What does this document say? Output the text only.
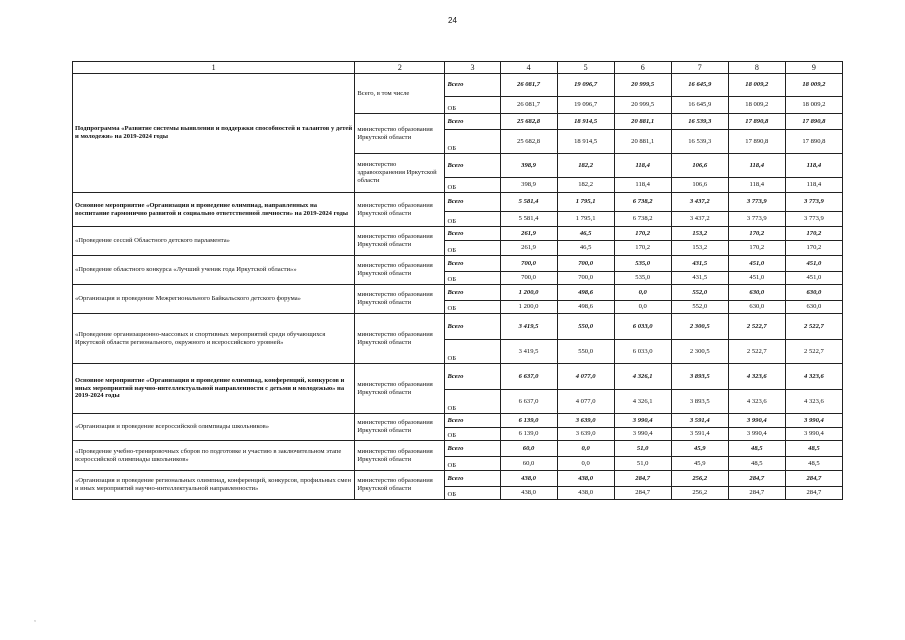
24
1	2	3	4	5	6	7	8	9
Подпрограмма «Развитие системы выявления и поддержки способностей и талантов у детей и молодежи» на 2019-2024 годы	Всего, в том числе	Всего	26 081,7	19 096,7	20 999,5	16 645,9	18 009,2	18 009,2
		ОБ	26 081,7	19 096,7	20 999,5	16 645,9	18 009,2	18 009,2
	министерство образования Иркутской области	Всего	25 682,8	18 914,5	20 881,1	16 539,3	17 890,8	17 890,8
		ОБ	25 682,8	18 914,5	20 881,1	16 539,3	17 890,8	17 890,8
	министерство здравоохранения Иркутской области	Всего	398,9	182,2	118,4	106,6	118,4	118,4
		ОБ	398,9	182,2	118,4	106,6	118,4	118,4
Основное мероприятие «Организация и проведение олимпиад, направленных на воспитание гармонично развитой и социально ответственной личности» на 2019-2024 годы	министерство образования Иркутской области	Всего	5 581,4	1 795,1	6 738,2	3 437,2	3 773,9	3 773,9
		ОБ	5 581,4	1 795,1	6 738,2	3 437,2	3 773,9	3 773,9
«Проведение сессий Областного детского парламента»	министерство образования Иркутской области	Всего	261,9	46,5	170,2	153,2	170,2	170,2
		ОБ	261,9	46,5	170,2	153,2	170,2	170,2
«Проведение областного конкурса «Лучший ученик года Иркутской области»»	министерство образования Иркутской области	Всего	700,0	700,0	535,0	431,5	451,0	451,0
		ОБ	700,0	700,0	535,0	431,5	451,0	451,0
«Организация и проведение Межрегионального Байкальского детского форума»	министерство образования Иркутской области	Всего	1 200,0	498,6	0,0	552,0	630,0	630,0
		ОБ	1 200,0	498,6	0,0	552,0	630,0	630,0
«Проведение организационно-массовых и спортивных мероприятий среди обучающихся Иркутской области регионального, окружного и всероссийского уровней»	министерство образования Иркутской области	Всего	3 419,5	550,0	6 033,0	2 300,5	2 522,7	2 522,7
		ОБ	3 419,5	550,0	6 033,0	2 300,5	2 522,7	2 522,7
Основное мероприятие «Организация и проведение олимпиад, конференций, конкурсов и иных мероприятий научно-интеллектуальной направленности с детьми и молодежью» на 2019-2024 годы	министерство образования Иркутской области	Всего	6 637,0	4 077,0	4 326,1	3 893,5	4 323,6	4 323,6
		ОБ	6 637,0	4 077,0	4 326,1	3 893,5	4 323,6	4 323,6
«Организация и проведение всероссийской олимпиады школьников»	министерство образования Иркутской области	Всего	6 139,0	3 639,0	3 990,4	3 591,4	3 990,4	3 990,4
		ОБ	6 139,0	3 639,0	3 990,4	3 591,4	3 990,4	3 990,4
«Проведение учебно-тренировочных сборов по подготовке и участию в заключительном этапе всероссийской олимпиады школьников»	министерство образования Иркутской области	Всего	60,0	0,0	51,0	45,9	48,5	48,5
		ОБ	60,0	0,0	51,0	45,9	48,5	48,5
«Организация и проведение региональных олимпиад, конференций, конкурсов, профильных смен и иных мероприятий научно-интеллектуальной направленности»	министерство образования Иркутской области	Всего	438,0	438,0	284,7	256,2	284,7	284,7
		ОБ	438,0	438,0	284,7	256,2	284,7	284,7
,
